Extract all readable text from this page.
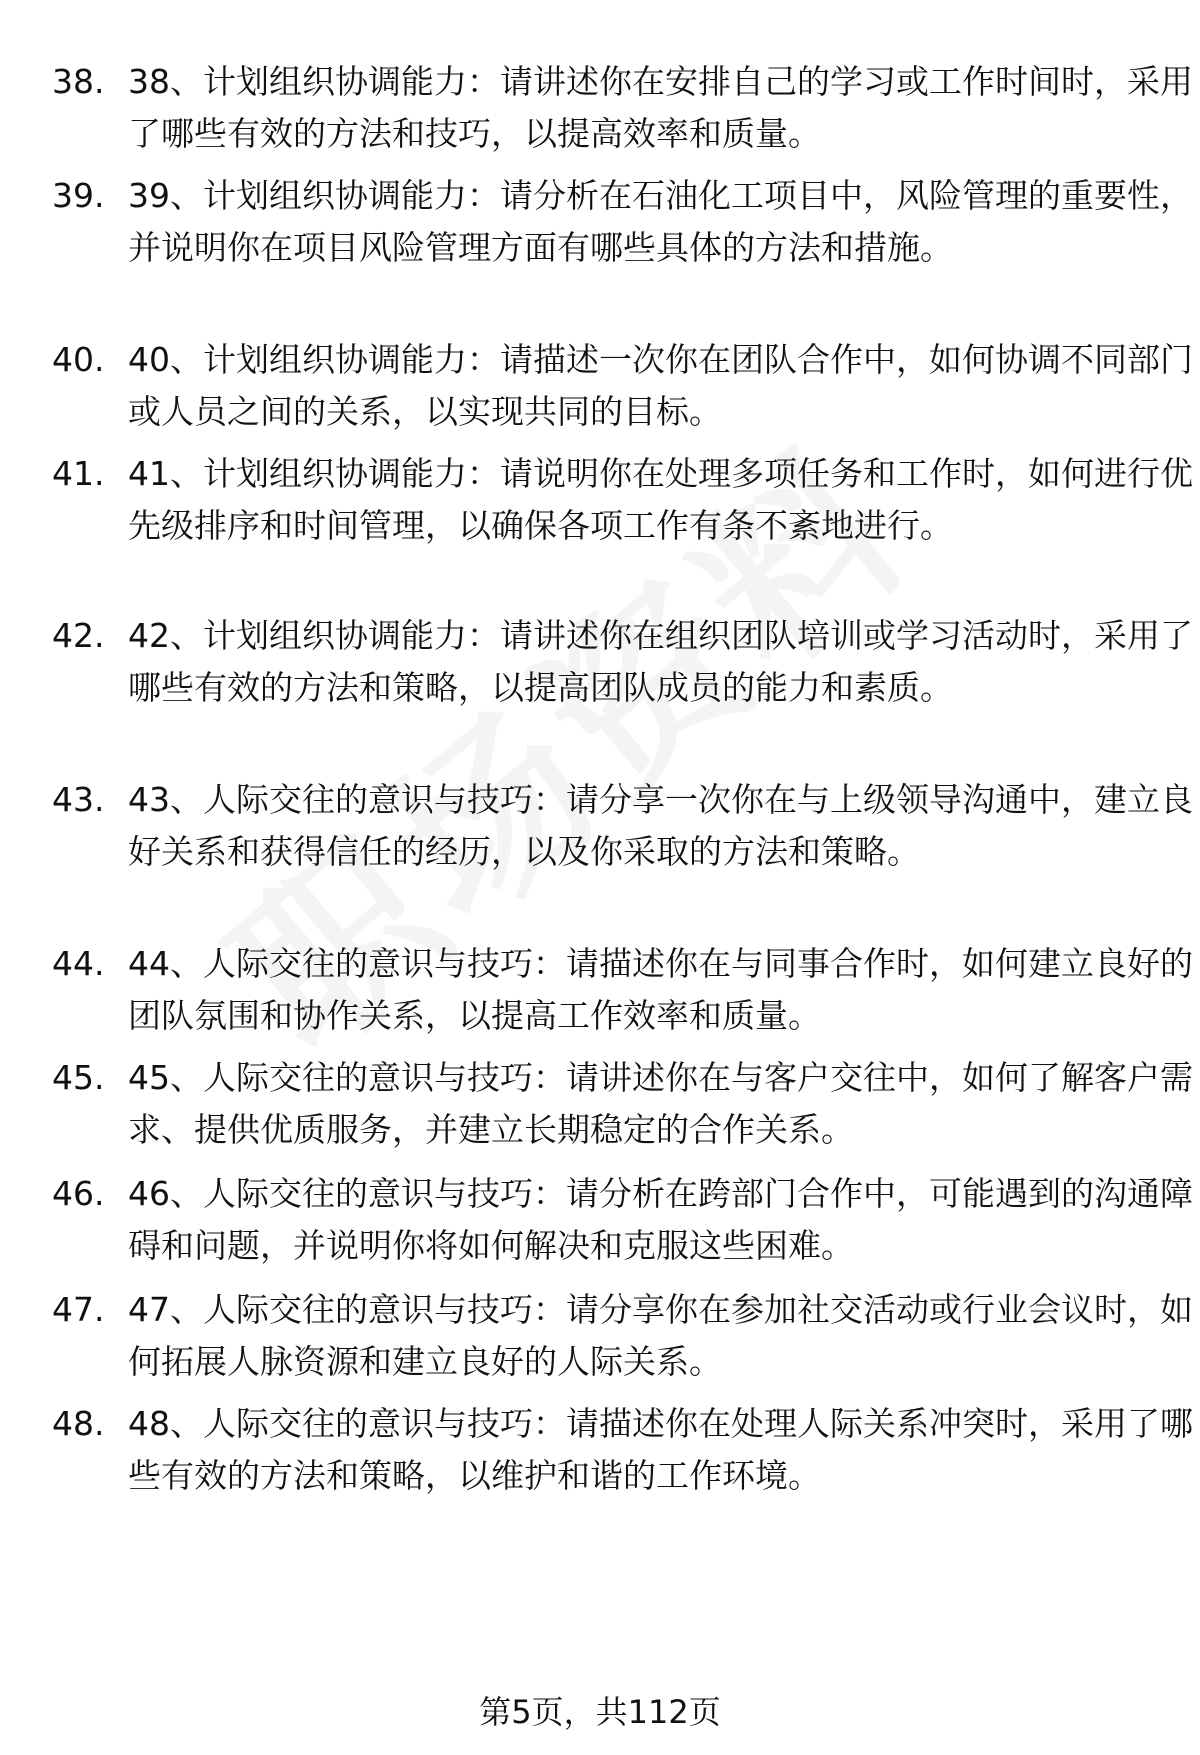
38. 38、计划组织协调能力：请讲述你在安排自己的学习或工作时间时，采用了哪些有效的方法和技巧，以提高效率和质量。
39. 39、计划组织协调能力：请分析在石油化工项目中，风险管理的重要性，并说明你在项目风险管理方面有哪些具体的方法和措施。
40. 40、计划组织协调能力：请描述一次你在团队合作中，如何协调不同部门或人员之间的关系，以实现共同的目标。
41. 41、计划组织协调能力：请说明你在处理多项任务和工作时，如何进行优先级排序和时间管理，以确保各项工作有条不紊地进行。
42. 42、计划组织协调能力：请讲述你在组织团队培训或学习活动时，采用了哪些有效的方法和策略，以提高团队成员的能力和素质。
43. 43、人际交往的意识与技巧：请分享一次你在与上级领导沟通中，建立良好关系和获得信任的经历，以及你采取的方法和策略。
44. 44、人际交往的意识与技巧：请描述你在与同事合作时，如何建立良好的团队氛围和协作关系，以提高工作效率和质量。
45. 45、人际交往的意识与技巧：请讲述你在与客户交往中，如何了解客户需求、提供优质服务，并建立长期稳定的合作关系。
46. 46、人际交往的意识与技巧：请分析在跨部门合作中，可能遇到的沟通障碍和问题，并说明你将如何解决和克服这些困难。
47. 47、人际交往的意识与技巧：请分享你在参加社交活动或行业会议时，如何拓展人脉资源和建立良好的人际关系。
48. 48、人际交往的意识与技巧：请描述你在处理人际关系冲突时，采用了哪些有效的方法和策略，以维护和谐的工作环境。
第5页，共112页
